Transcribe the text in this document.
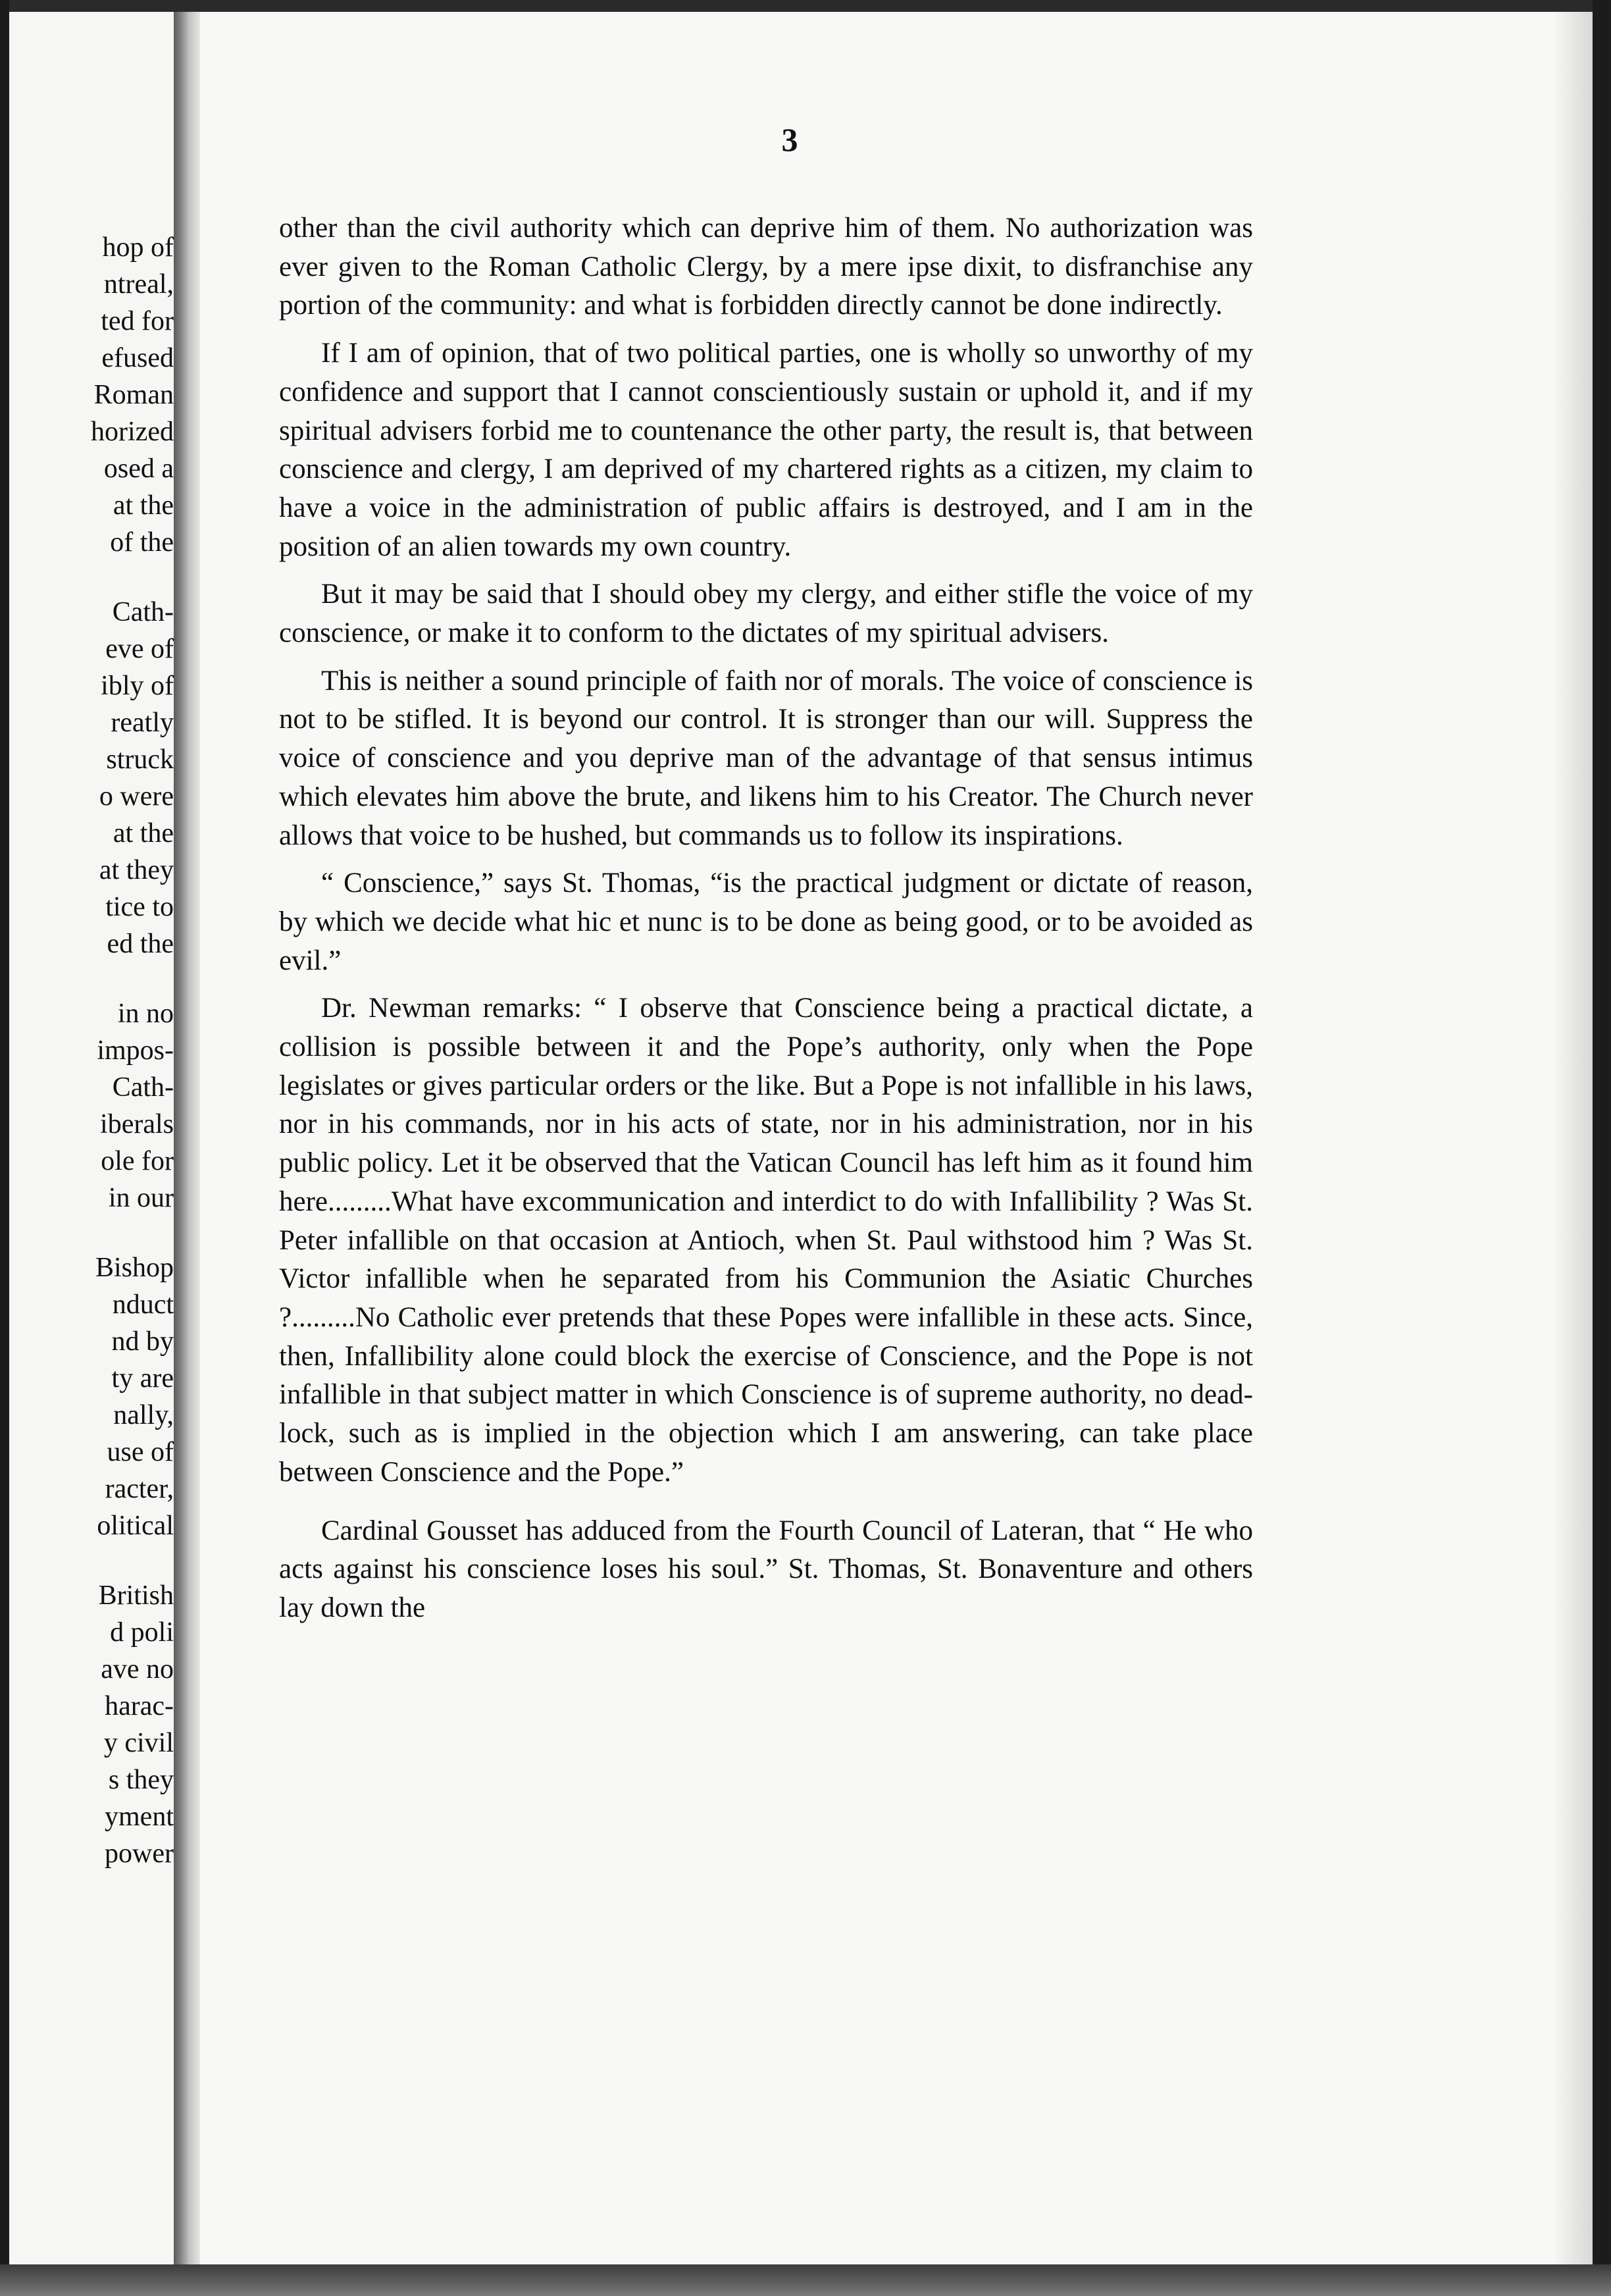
hop of
ntreal,
ted for
efused
Roman
horized
osed a
at the
of the
Cath-
eve of
ibly of
reatly
struck
o were
at the
at they
tice to
ed the
in no
impos-
Cath-
iberals
ole for
in our
Bishop
nduct
nd by
ty are
nally,
use of
racter,
olitical
British
d poli
ave no
harac-
y civil
s they
yment
power
3

other than the civil authority which can deprive him of them. No authorization was ever given to the Roman Catholic Clergy, by a mere ipse dixit, to disfranchise any portion of the community: and what is forbidden directly cannot be done indirectly.

If I am of opinion, that of two political parties, one is wholly so unworthy of my confidence and support that I cannot conscientiously sustain or uphold it, and if my spiritual advisers forbid me to countenance the other party, the result is, that between conscience and clergy, I am deprived of my chartered rights as a citizen, my claim to have a voice in the administration of public affairs is destroyed, and I am in the position of an alien towards my own country.

But it may be said that I should obey my clergy, and either stifle the voice of my conscience, or make it to conform to the dictates of my spiritual advisers.

This is neither a sound principle of faith nor of morals. The voice of conscience is not to be stifled. It is beyond our control. It is stronger than our will. Suppress the voice of conscience and you deprive man of the advantage of that sensus intimus which elevates him above the brute, and likens him to his Creator. The Church never allows that voice to be hushed, but commands us to follow its inspirations.

“ Conscience,” says St. Thomas, “is the practical judgment or dictate of reason, by which we decide what hic et nunc is to be done as being good, or to be avoided as evil.”

Dr. Newman remarks: “ I observe that Conscience being a practical dictate, a collision is possible between it and the Pope’s authority, only when the Pope legislates or gives particular orders or the like. But a Pope is not infallible in his laws, nor in his commands, nor in his acts of state, nor in his administration, nor in his public policy. Let it be observed that the Vatican Council has left him as it found him here.........What have excommunication and interdict to do with Infallibility ? Was St. Peter infallible on that occasion at Antioch, when St. Paul withstood him ? Was St. Victor infallible when he separated from his Communion the Asiatic Churches ?.........No Catholic ever pretends that these Popes were infallible in these acts. Since, then, Infallibility alone could block the exercise of Conscience, and the Pope is not infallible in that subject matter in which Conscience is of supreme authority, no dead-lock, such as is implied in the objection which I am answering, can take place between Conscience and the Pope.”

Cardinal Gousset has adduced from the Fourth Council of Lateran, that “ He who acts against his conscience loses his soul.” St. Thomas, St. Bonaventure and others lay down the
